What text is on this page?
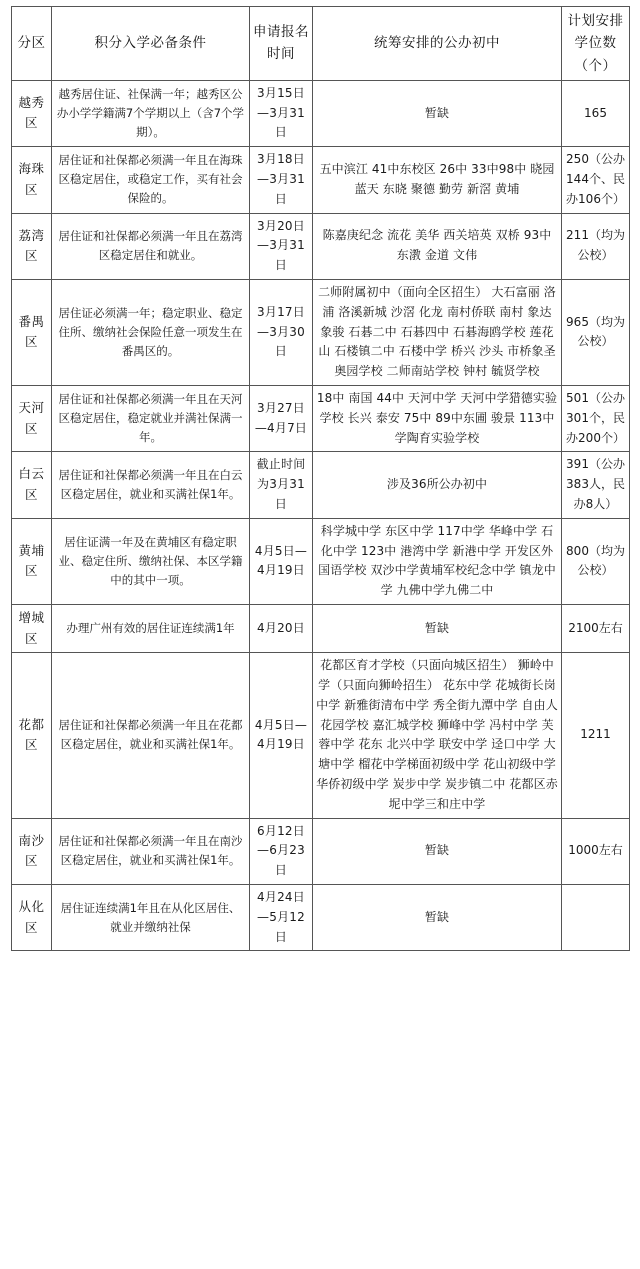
分区	积分入学必备条件	申请报名时间	统筹安排的公办初中	计划安排学位数（个）
越秀区	越秀居住证、社保满一年；越秀区公办小学学籍满7个学期以上（含7个学期）。	3月15日—3月31日	暂缺	165
海珠区	居住证和社保都必须满一年且在海珠区稳定居住，或稳定工作，买有社会保险的。	3月18日—3月31日	五中滨江 41中东校区 26中 33中98中 晓园 蓝天 东晓 聚德 勤劳 新滘 黄埔	250（公办144个、民办106个）
荔湾区	居住证和社保都必须满一年且在荔湾区稳定居住和就业。	3月20日—3月31日	陈嘉庚纪念 流花 美华 西关培英 双桥 93中 东漖 金道 文伟	211（均为公校）
番禺区	居住证必须满一年；稳定职业、稳定住所、缴纳社会保险任意一项发生在番禺区的。	3月17日—3月30日	二师附属初中（面向全区招生） 大石富丽 洛浦 洛溪新城 沙滘 化龙 南村侨联 南村 象达 象骏 石碁二中 石碁四中 石碁海鸥学校 莲花山 石楼镇二中 石楼中学 桥兴 沙头 市桥象圣奥园学校 二师南站学校 钟村 毓贤学校	965（均为公校）
天河区	居住证和社保都必须满一年且在天河区稳定居住，稳定就业并满社保满一年。	3月27日—4月7日	18中 南国 44中 天河中学 天河中学猎德实验学校 长兴 泰安 75中 89中东圃 骏景 113中学陶育实验学校	501（公办301个，民办200个）
白云区	居住证和社保都必须满一年且在白云区稳定居住，就业和买满社保1年。	截止时间为3月31日	涉及36所公办初中	391（公办383人，民办8人）
黄埔区	居住证满一年及在黄埔区有稳定职业、稳定住所、缴纳社保、本区学籍中的其中一项。	4月5日—4月19日	科学城中学 东区中学 117中学 华峰中学 石化中学 123中 港湾中学 新港中学 开发区外国语学校 双沙中学黄埔军校纪念中学 镇龙中学 九佛中学九佛二中	800（均为公校）
增城区	办理广州有效的居住证连续满1年	4月20日	暂缺	2100左右
花都区	居住证和社保都必须满一年且在花都区稳定居住，就业和买满社保1年。	4月5日—4月19日	花都区育才学校（只面向城区招生） 狮岭中学（只面向狮岭招生） 花东中学 花城街长岗中学 新雅街清布中学 秀全街九潭中学 自由人花园学校 嘉汇城学校 狮峰中学 冯村中学 芙蓉中学 花东 北兴中学 联安中学 迳口中学 大塘中学 榴花中学梯面初级中学 花山初级中学 华侨初级中学 炭步中学 炭步镇二中 花都区赤坭中学三和庄中学	1211
南沙区	居住证和社保都必须满一年且在南沙区稳定居住，就业和买满社保1年。	6月12日—6月23日	暂缺	1000左右
从化区	居住证连续满1年且在从化区居住、就业并缴纳社保	4月24日—5月12日	暂缺	
